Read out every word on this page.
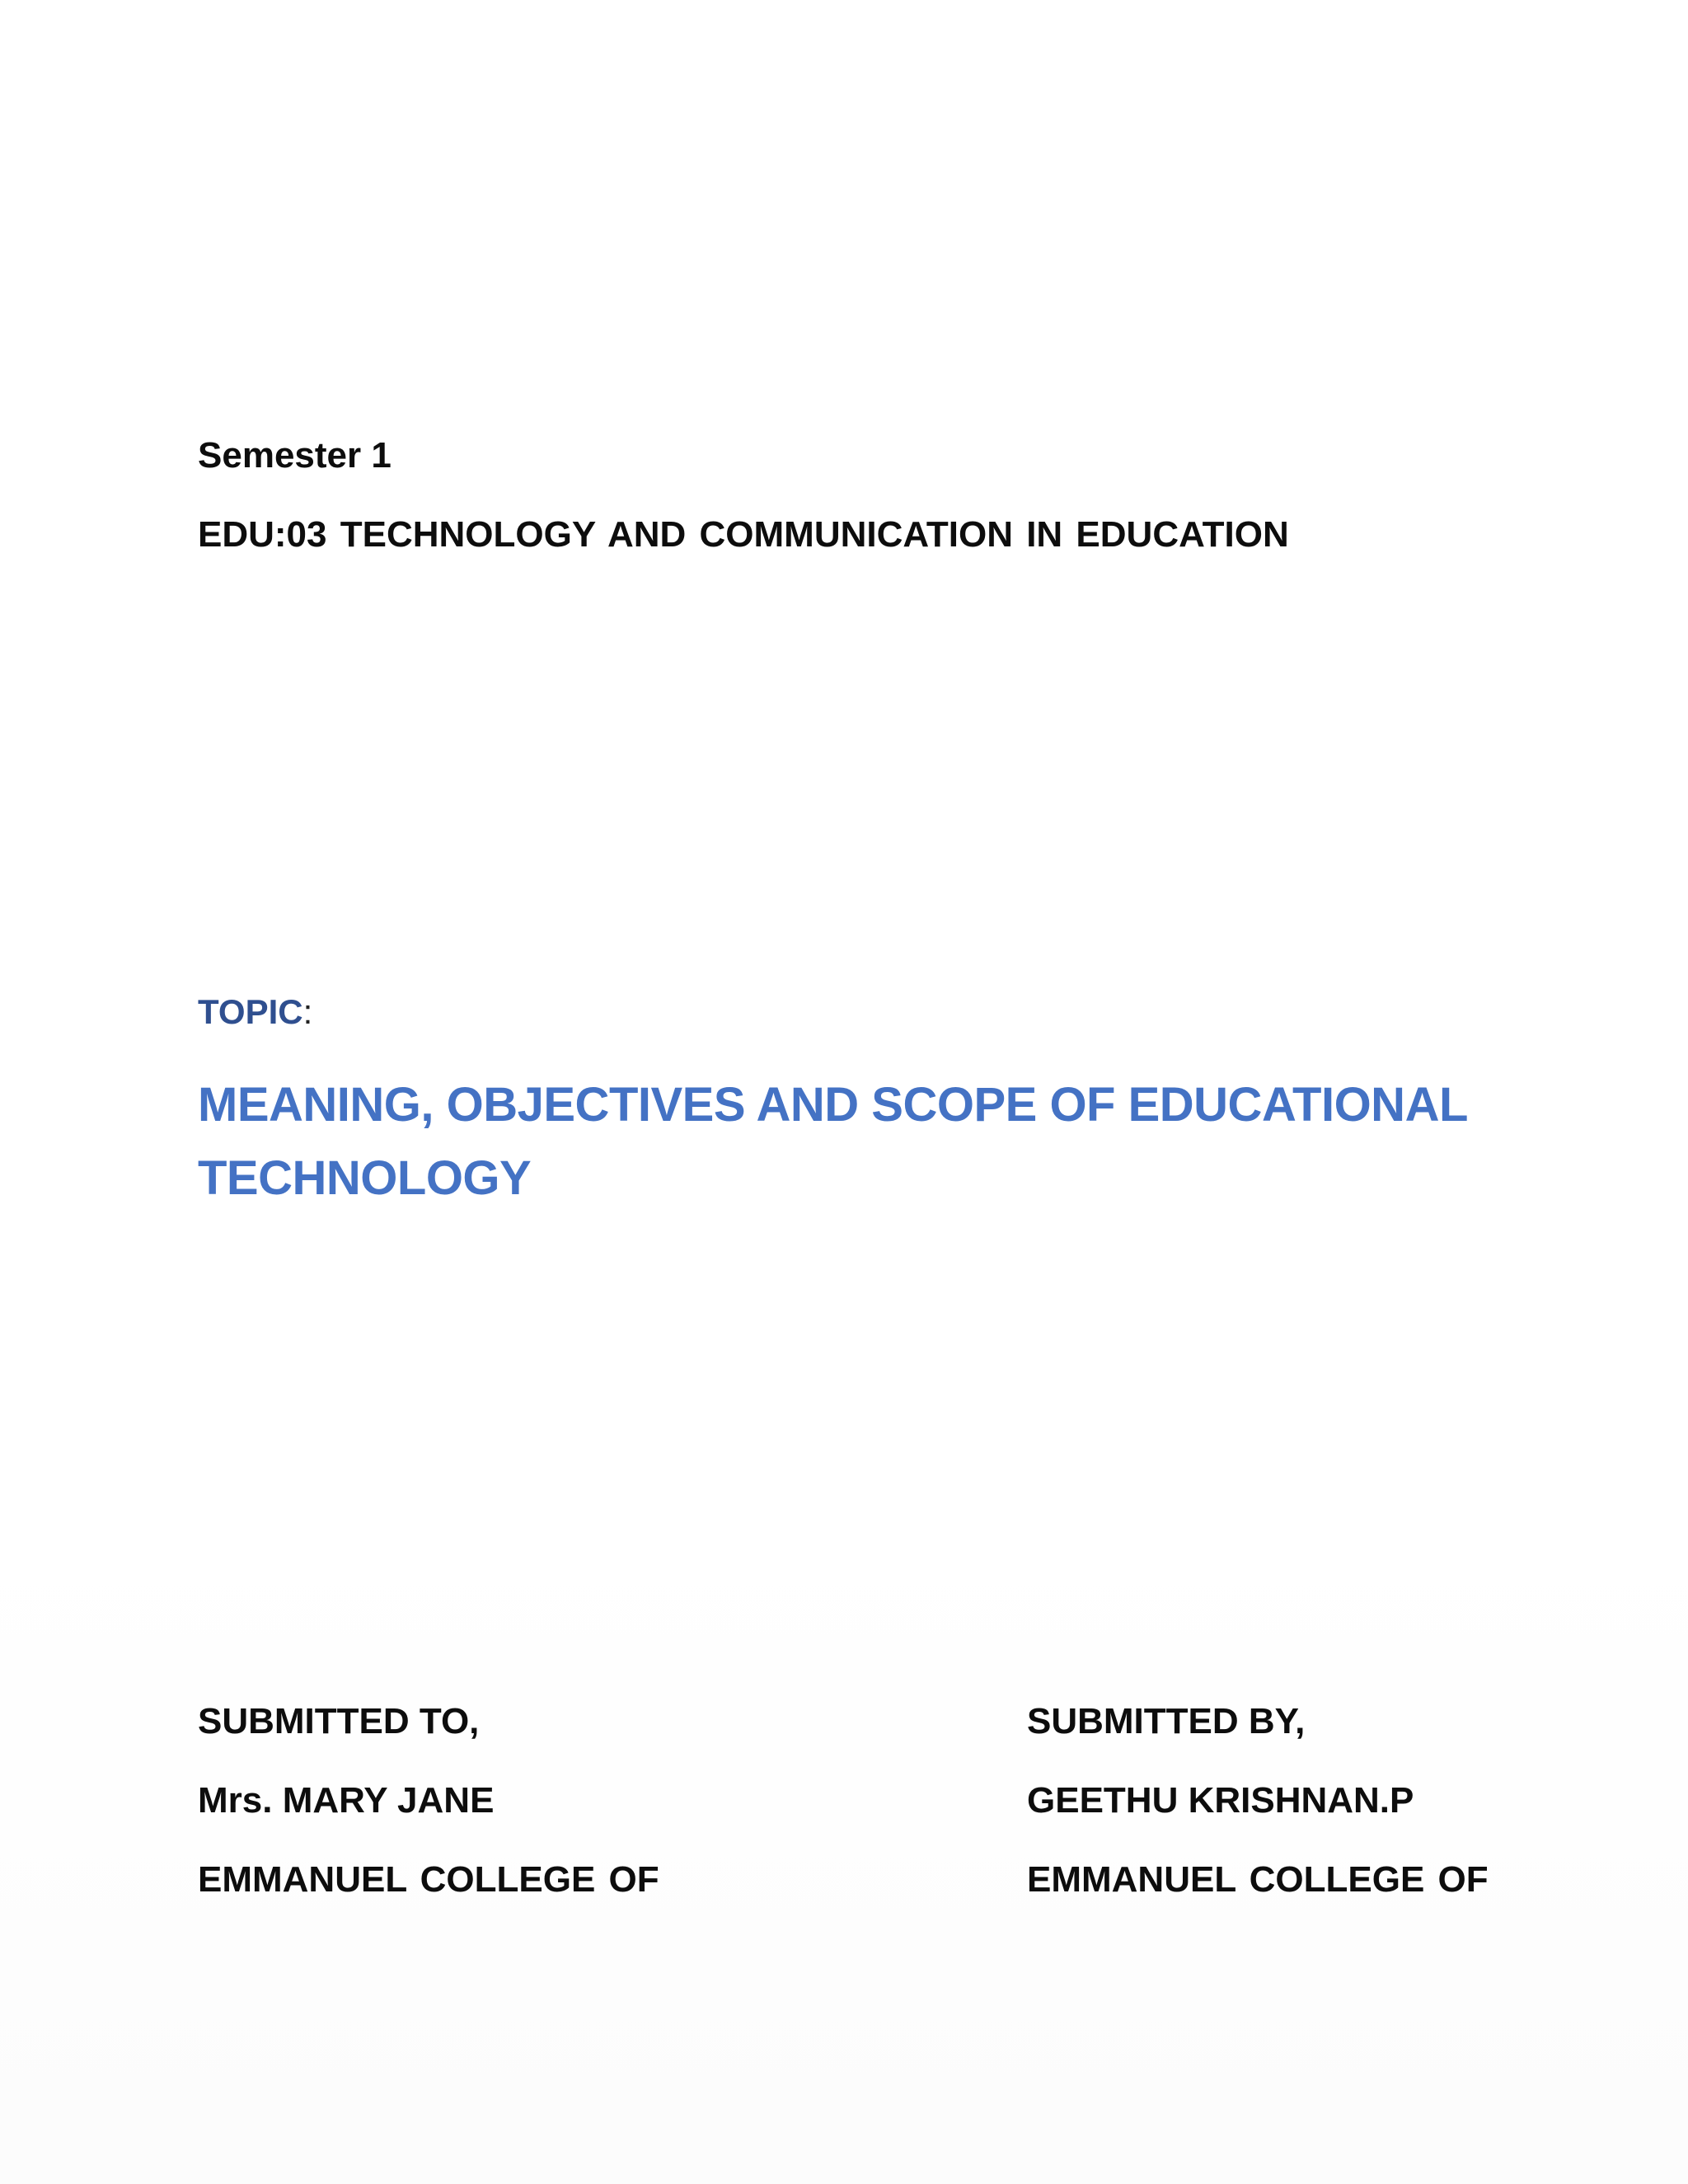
Semester 1

EDU:03 TECHNOLOGY AND COMMUNICATION IN EDUCATION

TOPIC:

MEANING, OBJECTIVES AND SCOPE OF EDUCATIONAL TECHNOLOGY

SUBMITTED TO,

Mrs. MARY JANE

EMMANUEL COLLEGE OF

SUBMITTED BY,

GEETHU KRISHNAN.P

EMMANUEL COLLEGE OF
